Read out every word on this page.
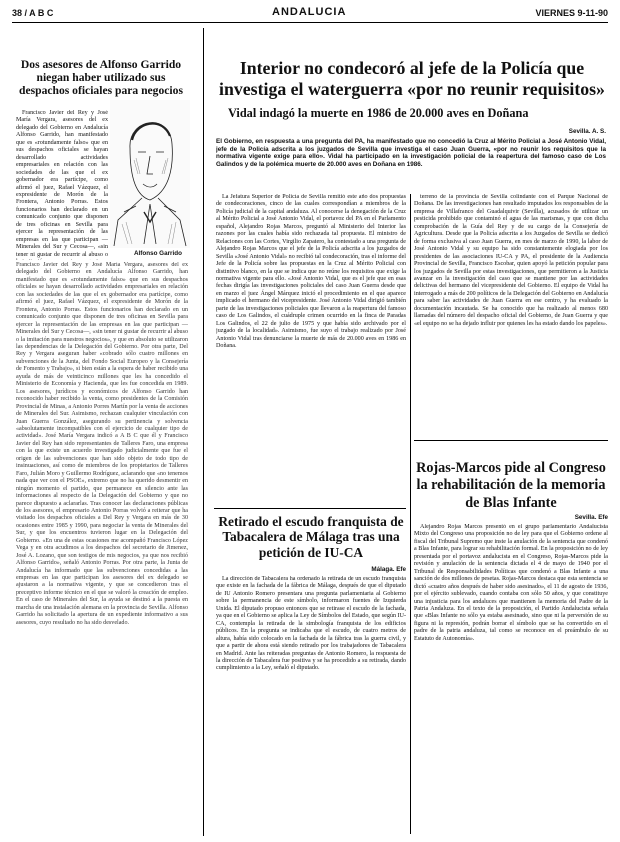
38 / A B C	ANDALUCIA	VIERNES 9-11-90
Dos asesores de Alfonso Garrido niegan haber utilizado sus despachos oficiales para negocios
Alfonso Garrido

Francisco Javier del Rey y José María Vergara, asesores del ex delegado del Gobierno en Andalucía Alfonso Garrido, han manifestado que es «rotundamente falso» que en sus despachos oficiales se hayan desarrollado actividades empresariales en relación con las sociedades de las que el ex gobernador era partícipe, como afirmó el juez, Rafael Vázquez, el expresidente de Morón de la Frontera, Antonio Porras. Estos funcionarios han declarado en un comunicado conjunto que disponen de tres oficinas en Sevilla para ejercer la representación de las empresas en las que participan —Minerales del Sur y Cecosa—, «sin tener ni gustar de recurrir al abuso o

Francisco Javier del Rey y José María Vergara, asesores del ex delegado del Gobierno en Andalucía Alfonso Garrido, han manifestado que es «rotundamente falso» que en sus despachos oficiales se hayan desarrollado actividades empresariales en relación con las sociedades de las que el ex gobernador era partícipe, como afirmó el juez, Rafael Vázquez, el expresidente de Morón de la Frontera, Antonio Porras. Estos funcionarios han declarado en un comunicado conjunto que disponen de tres oficinas en Sevilla para ejercer la representación de las empresas en las que participan —Minerales del Sur y Cecosa—, «sin tener ni gustar de recurrir al abuso o la imitación para nuestros negocios», y que en absoluto se utilizaron las dependencias de la Delegación del Gobierno. Por otra parte, Del Rey y Vergara aseguran haber «cobrado sólo cuatro millones en subvenciones de la Junta, del Fondo Social Europeo y la Consejería de Fomento y Trabajo», si bien están a la espera de haber recibido una ayuda de más de veinticinco millones que les ha concedido el Ministerio de Economía y Hacienda, que les fue concedida en 1989. Los asesores, jurídicos y económicos de Alfonso Garrido han reconocido haber recibido la venta, como presidentes de la Comisión Provincial de Minas, a Antonio Porres Martín por la venta de acciones de Minerales del Sur. Asimismo, rechazan cualquier vinculación con Juan Guerra González, asegurando su pertinencia y solvencia «absolutamente incompatibles con el ejercicio de cualquier tipo de actividad». José María Vergara indicó a A B C que él y Francisco Javier del Rey han sido representantes de Talleres Faro, una empresa con la que existe un acuerdo investigado judicialmente que fue el origen de las subvenciones que han sido objeto de todo tipo de insinuaciones, así como de miembros de los propietarios de Talleres Faro, Julián Moro y Guillermo Rodríguez, aclarando que «no tenemos nada que ver con el PSOE», extremo que no ha querido desmentir en ningún momento el partido, que permanece en silencio ante las informaciones al respecto de la Delegación del Gobierno y que no parece dispuesto a aclararlas. Tras conocer las declaraciones públicas de los asesores, el empresario Antonio Porras volvió a reiterar que ha visitado los despachos oficiales a Del Rey y Vergara en más de 30 ocasiones entre 1985 y 1990, para negociar la venta de Minerales del Sur, y que los encuentros tuvieron lugar en la Delegación del Gobierno. «En una de estas ocasiones me acompañó Francisco López Vega y en otra acudimos a los despachos del secretario de Jimenez, José A. Lozano, que son testigos de mis negocios, ya que nos recibió Alfonso Garrido», señaló Antonio Porras. Por otra parte, la Junta de Andalucía ha informado que las subvenciones concedidas a las empresas en las que participan los asesores del ex delegado se ajustaron a la normativa vigente, y que se concedieron tras el preceptivo informe técnico en el que se valoró la creación de empleo. En el caso de Minerales del Sur, la ayuda se destinó a la puesta en marcha de una instalación alemana en la provincia de Sevilla. Alfonso Garrido ha solicitado la apertura de un expediente informativo a sus asesores, cuyo resultado no ha sido desvelado.

Interior no condecoró al jefe de la Policía que investiga el waterguerra «por no reunir requisitos»
Vidal indagó la muerte en 1986 de 20.000 aves en Doñana
Sevilla. A. S.

El Gobierno, en respuesta a una pregunta del PA, ha manifestado que no concedió la Cruz al Mérito Policial a José Antonio Vidal, jefe de la Policía adscrita a los juzgados de Sevilla que investiga el caso Juan Guerra, «por no reunir los requisitos que la normativa vigente exige para ello». Vidal ha participado en la investigación policial de la reapertura del famoso caso de Los Galindos y de la polémica muerte de 20.000 aves en Doñana en 1986.

La Jefatura Superior de Policía de Sevilla remitió este año dos propuestas de condecoraciones, cinco de las cuales correspondían a miembros de la Policía judicial de la capital andaluza. Al conocerse la denegación de la Cruz al Mérito Policial a José Antonio Vidal, el portavoz del PA en el Parlamento español, Alejandro Rojas Marcos, preguntó al Ministerio del Interior las razones por las cuales había sido rechazada tal propuesta. El ministro de Relaciones con las Cortes, Virgilio Zapatero, ha contestado a una pregunta de Alejandro Rojas Marcos que el jefe de la Policía adscrita a los juzgados de Sevilla «José Antonio Vidal» no recibió tal condecoración, tras el informe del Jefe de la Policía sobre las propuestas en la Cruz al Mérito Policial con distintivo blanco, en la que se indica que no reúne los requisitos que exige la normativa vigente para ello. «José Antonio Vidal, que es el jefe que en esas fechas dirigía las investigaciones policiales del caso Juan Guerra desde que en marzo el juez Ángel Márquez inició el procedimiento en el que aparece implicado el hermano del vicepresidente. José Antonio Vidal dirigió también parte de las investigaciones policiales que llevaron a la reapertura del famoso caso de Los Galindos, el cuádruple crimen ocurrido en la finca de Paradas Los Galindos, el 22 de julio de 1975 y que había sido archivado por el juzgado de la localidad». Asimismo, fue suyo el trabajo realizado por José Antonio Vidal tras denunciarse la muerte de más de 20.000 aves en 1986 en Doñana.

terreno de la provincia de Sevilla colindante con el Parque Nacional de Doñana. De las investigaciones han resultado imputados los responsables de la empresa de Villafranco del Guadalquivir (Sevilla), acusados de utilizar un pesticida prohibido que contaminó el agua de las marismas, y que con dicha comprobación de la Guía del Rey y de su cargo de la Consejería de Agricultura. Desde que la Policía adscrita a los Juzgados de Sevilla se dedicó de forma exclusiva al caso Juan Guerra, en mes de marzo de 1990, la labor de José Antonio Vidal y su equipo ha sido constantemente elogiada por los presidentes de las asociaciones IU-CA y PA, el presidente de la Audiencia Provincial de Sevilla, Francisco Escobar, quien apoyó la petición popular para los juzgados de Sevilla por estas investigaciones, que permitieron a la Justicia avanzar en la investigación del caso que se mantiene por las actividades delictivas del hermano del vicepresidente del Gobierno. El equipo de Vidal ha interrogado a más de 200 políticos de la Delegación del Gobierno en Andalucía para saber las actividades de Juan Guerra en ese centro, y ha evaluado la documentación incautada. Se ha conocido que ha realizado al menos 680 llamadas del número del despacho oficial del Gobierno, de Juan Guerra y que «el equipo no se ha dejado influir por quienes les ha estado dando los papeles».

Retirado el escudo franquista de Tabacalera de Málaga tras una petición de IU-CA
Málaga. Efe

La dirección de Tabacalera ha ordenado la retirada de un escudo franquista que existe en la fachada de la fábrica de Málaga, después de que el diputado de IU Antonio Romero presentara una pregunta parlamentaria al Gobierno sobre la permanencia de este símbolo, informaron fuentes de Izquierda Unida. El diputado propuso entonces que se retirase el escudo de la fachada, ya que en el Gobierno se aplica la Ley de Símbolos del Estado, que según IU-CA, contempla la retirada de la simbología franquista de los edificios públicos. En la pregunta se indicaba que el escudo, de cuatro metros de altura, había sido colocado en la fachada de la fábrica tras la guerra civil, y que a partir de ahora está siendo retirado por los trabajadores de Tabacalera en Madrid. Ante las reiteradas preguntas de Antonio Romero, la respuesta de la dirección de Tabacalera fue positiva y se ha procedido a su retirada, dando cumplimiento a la Ley, señaló el diputado.

Rojas-Marcos pide al Congreso la rehabilitación de la memoria de Blas Infante
Sevilla. Efe

Alejandro Rojas Marcos presentó en el grupo parlamentario Andalucista Mixto del Congreso una proposición no de ley para que el Gobierno ordene al fiscal del Tribunal Supremo que inste la anulación de la sentencia que condenó a Blas Infante, para lograr su rehabilitación formal. En la proposición no de ley presentada por el portavoz andalucista en el Congreso, Rojas-Marcos pide la revisión y anulación de la sentencia dictada el 4 de mayo de 1940 por el Tribunal de Responsabilidades Políticas que condenó a Blas Infante a una sanción de dos millones de pesetas. Rojas-Marcos destaca que esta sentencia se dictó «cuatro años después de haber sido asesinado», el 11 de agosto de 1936, por el ejército sublevado, cuando contaba con sólo 50 años, y que constituye una injusticia para los andaluces que mantienen la memoria del Padre de la Patria Andaluza. En el texto de la proposición, el Partido Andalucista señala que «Blas Infante no sólo ya estaba asesinado, sino que ni la perversión de su figura ni la represión, podrán borrar el símbolo que se ha convertido en el padre de la patria andaluza, tal como se reconoce en el preámbulo de su Estatuto de Autonomía».
